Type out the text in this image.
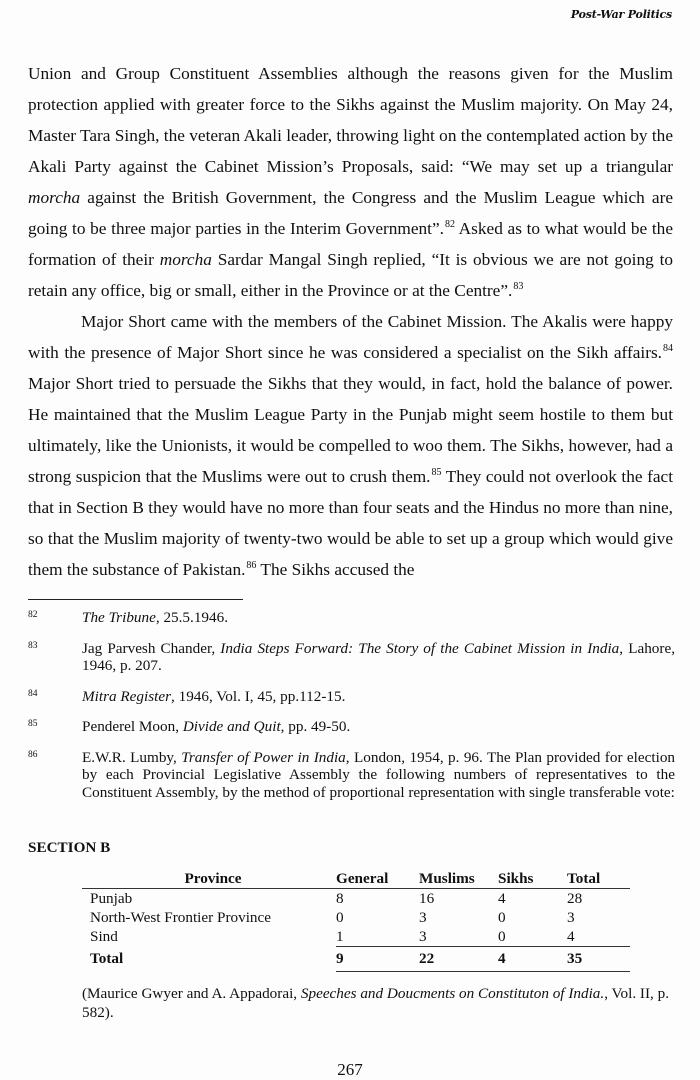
Post-War Politics

Union and Group Constituent Assemblies although the reasons given for the Muslim protection applied with greater force to the Sikhs against the Muslim majority. On May 24, Master Tara Singh, the veteran Akali leader, throwing light on the contemplated action by the Akali Party against the Cabinet Mission’s Proposals, said: “We may set up a triangular morcha against the British Government, the Congress and the Muslim League which are going to be three major parties in the Interim Government”.$^{82}$ Asked as to what would be the formation of their morcha Sardar Mangal Singh replied, “It is obvious we are not going to retain any office, big or small, either in the Province or at the Centre”.$^{83}$

Major Short came with the members of the Cabinet Mission. The Akalis were happy with the presence of Major Short since he was considered a specialist on the Sikh affairs.$^{84}$ Major Short tried to persuade the Sikhs that they would, in fact, hold the balance of power. He maintained that the Muslim League Party in the Punjab might seem hostile to them but ultimately, like the Unionists, it would be compelled to woo them. The Sikhs, however, had a strong suspicion that the Muslims were out to crush them.$^{85}$ They could not overlook the fact that in Section B they would have no more than four seats and the Hindus no more than nine, so that the Muslim majority of twenty-two would be able to set up a group which would give them the substance of Pakistan.$^{86}$ The Sikhs accused the

82	The Tribune, 25.5.1946.
83	Jag Parvesh Chander, India Steps Forward: The Story of the Cabinet Mission in India, Lahore, 1946, p. 207.
84	Mitra Register, 1946, Vol. I, 45, pp.112-15.
85	Penderel Moon, Divide and Quit, pp. 49-50.
86	E.W.R. Lumby, Transfer of Power in India, London, 1954, p. 96. The Plan provided for election by each Provincial Legislative Assembly the following numbers of representatives to the Constituent Assembly, by the method of proportional representation with single transferable vote:
SECTION B
Province	General	Muslims	Sikhs	Total
Punjab	8	16	4	28
North-West Frontier Province	0	3	0	3
Sind	1	3	0	4
Total	9	22	4	35
(Maurice Gwyer and A. Appadorai, Speeches and Doucments on Constituton of India., Vol. II, p. 582).
267
